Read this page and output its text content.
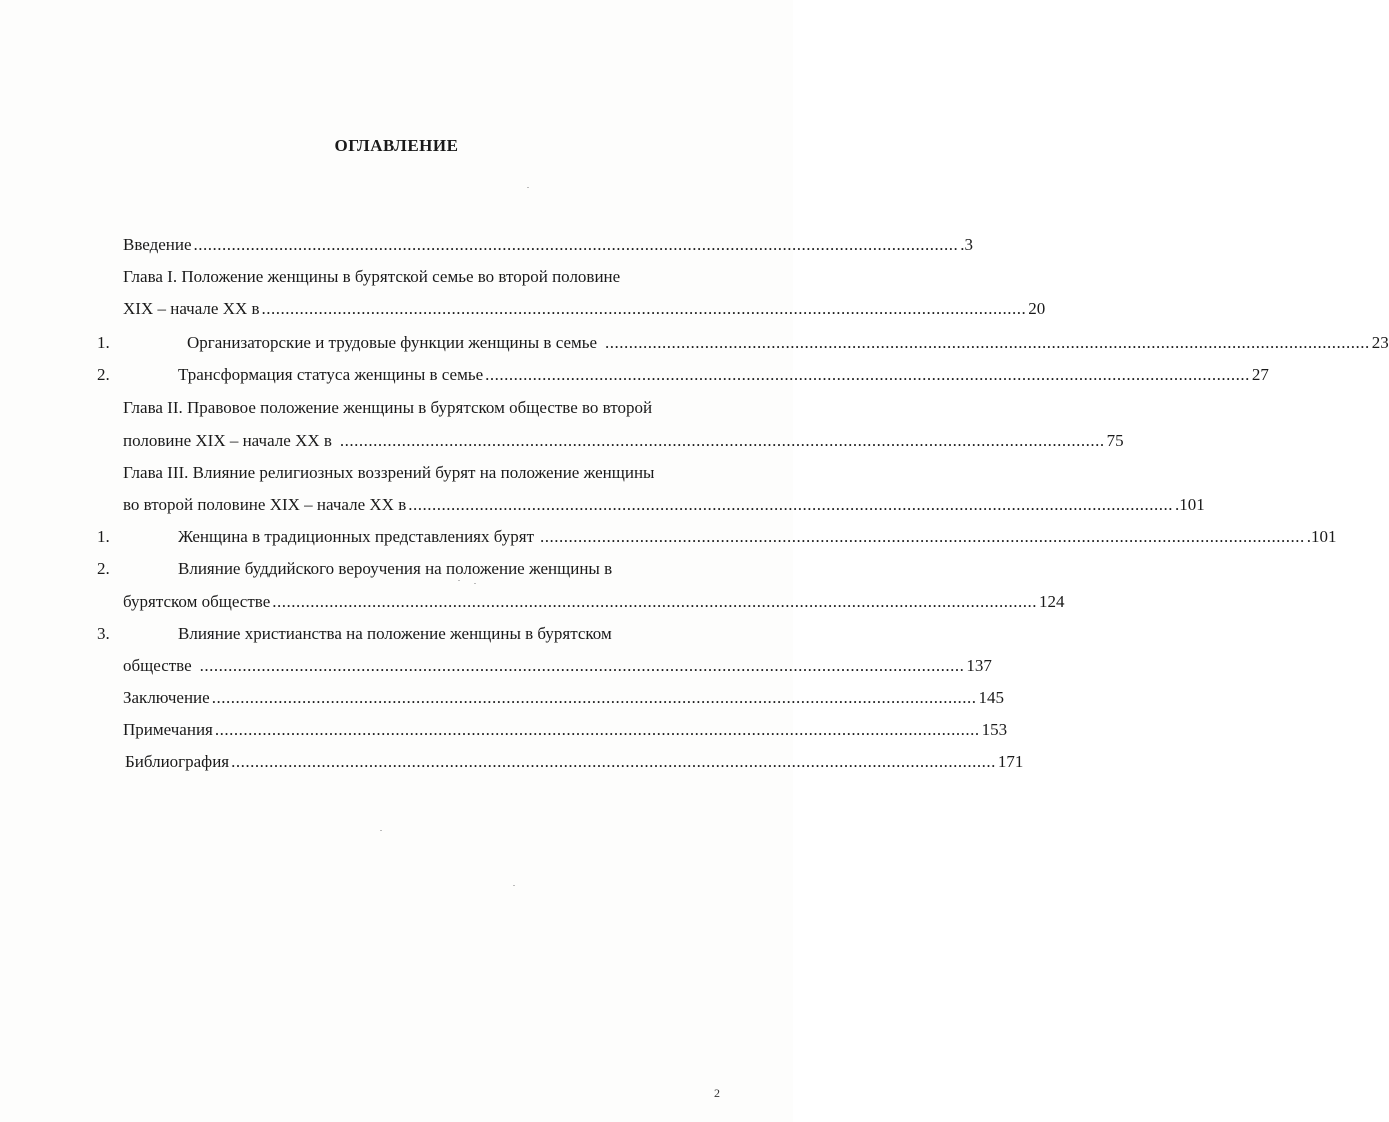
ОГЛАВЛЕНИЕ
Введение ................................................................................................................................................................. .3
Глава I. Положение женщины в бурятской семье во второй половине
XIX – начале XX в ................................................................................................................................................................. 20
1.	Организаторские и трудовые функции женщины в семье ................................................................................................................................................................. 23
2.	Трансформация статуса женщины в семье ................................................................................................................................................................. 27
Глава II. Правовое положение женщины в бурятском обществе во второй
половине XIX – начале XX в ................................................................................................................................................................. 75
Глава III. Влияние религиозных воззрений бурят на положение женщины
во второй половине XIX – начале XX в ................................................................................................................................................................. .101
1.	Женщина в традиционных представлениях бурят ................................................................................................................................................................. .101
2.	Влияние буддийского вероучения на положение женщины в
бурятском обществе ................................................................................................................................................................. 124
3.	Влияние христианства на положение женщины в бурятском
обществе ................................................................................................................................................................. 137
Заключение ................................................................................................................................................................. 145
Примечания ................................................................................................................................................................. 153
Библиография ................................................................................................................................................................. 171
2
